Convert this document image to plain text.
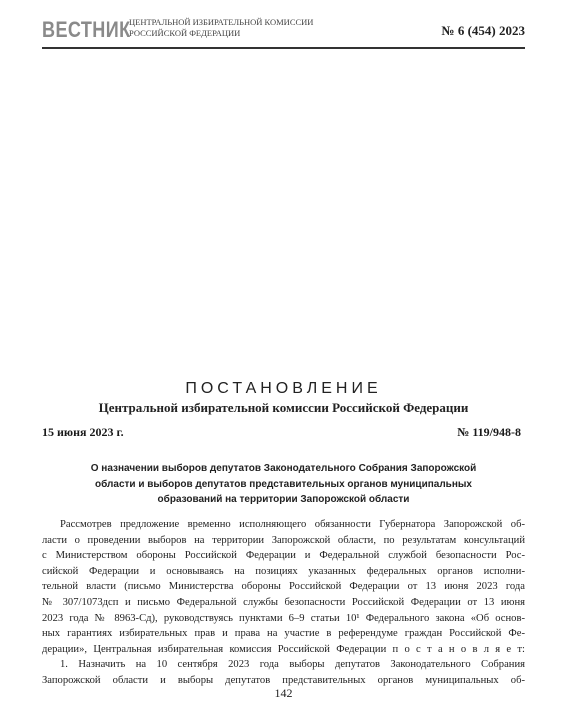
ВЕСТНИК
ЦЕНТРАЛЬНОЙ ИЗБИРАТЕЛЬНОЙ КОМИССИИ
РОССИЙСКОЙ ФЕДЕРАЦИИ	№ 6 (454) 2023
ПОСТАНОВЛЕНИЕ
Центральной избирательной комиссии Российской Федерации
15 июня 2023 г.	№ 119/948-8
О назначении выборов депутатов Законодательного Собрания Запорожской
области и выборов депутатов представительных органов муниципальных
образований на территории Запорожской области
Рассмотрев предложение временно исполняющего обязанности Губернатора Запорожской об-
ласти о проведении выборов на территории Запорожской области, по результатам консультаций
с Министерством обороны Российской Федерации и Федеральной службой безопасности Рос-
сийской Федерации и основываясь на позициях указанных федеральных органов исполни-
тельной власти (письмо Министерства обороны Российской Федерации от 13 июня 2023 года
№ 307/1073дсп и письмо Федеральной службы безопасности Российской Федерации от 13 июня
2023 года № 8963-Сд), руководствуясь пунктами 6–9 статьи 10¹ Федерального закона «Об основ-
ных гарантиях избирательных прав и права на участие в референдуме граждан Российской Фе-
дерации», Центральная избирательная комиссия Российской Федерации п о с т а н о в л я е т:
1. Назначить на 10 сентября 2023 года выборы депутатов Законодательного Собрания
Запорожской области и выборы депутатов представительных органов муниципальных об-
142
